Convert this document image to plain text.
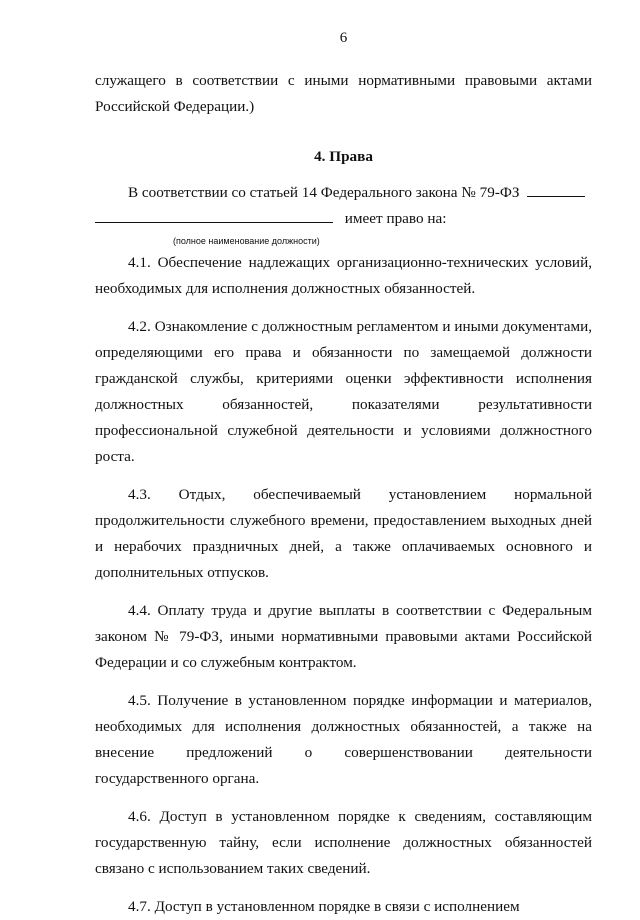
6

служащего в соответствии с иными нормативными правовыми актами Российской Федерации.)

4. Права

В соответствии со статьей 14 Федерального закона № 79-ФЗ

имеет право на:

(полное наименование должности)

4.1. Обеспечение надлежащих организационно-технических условий, необходимых для исполнения должностных обязанностей.

4.2. Ознакомление с должностным регламентом и иными документами, определяющими его права и обязанности по замещаемой должности гражданской службы, критериями оценки эффективности исполнения должностных обязанностей, показателями результативности профессиональной служебной деятельности и условиями должностного роста.

4.3. Отдых, обеспечиваемый установлением нормальной продолжительности служебного времени, предоставлением выходных дней и нерабочих праздничных дней, а также оплачиваемых основного и дополнительных отпусков.

4.4. Оплату труда и другие выплаты в соответствии с Федеральным законом № 79-ФЗ, иными нормативными правовыми актами Российской Федерации и со служебным контрактом.

4.5. Получение в установленном порядке информации и материалов, необходимых для исполнения должностных обязанностей, а также на внесение предложений о совершенствовании деятельности государственного органа.

4.6. Доступ в установленном порядке к сведениям, составляющим государственную тайну, если исполнение должностных обязанностей связано с использованием таких сведений.

4.7. Доступ в установленном порядке в связи с исполнением
